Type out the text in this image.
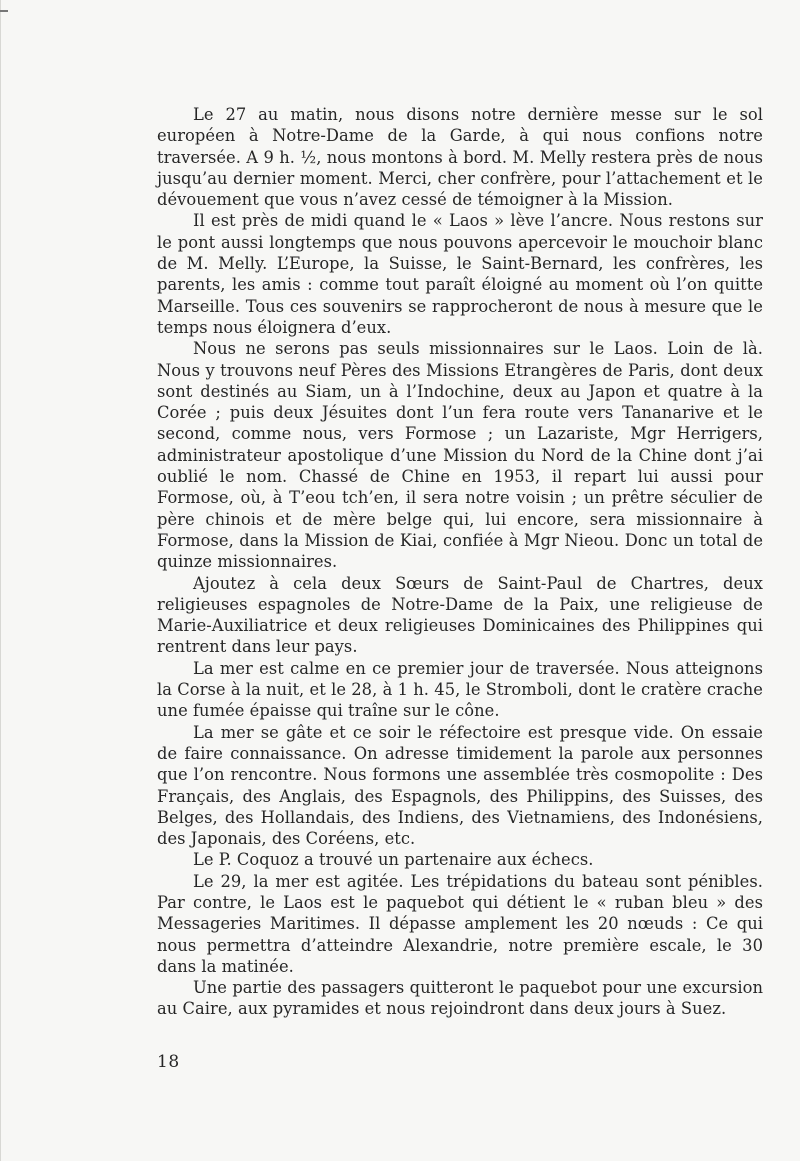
Le 27 au matin, nous disons notre dernière messe sur le sol européen à Notre-Dame de la Garde, à qui nous confions notre traversée. A 9 h. ½, nous montons à bord. M. Melly restera près de nous jusqu’au dernier moment. Merci, cher confrère, pour l’attachement et le dévouement que vous n’avez cessé de témoigner à la Mission.

Il est près de midi quand le « Laos » lève l’ancre. Nous restons sur le pont aussi longtemps que nous pouvons apercevoir le mouchoir blanc de M. Melly. L’Europe, la Suisse, le Saint-Bernard, les confrères, les parents, les amis : comme tout paraît éloigné au moment où l’on quitte Marseille. Tous ces souvenirs se rapprocheront de nous à mesure que le temps nous éloignera d’eux.

Nous ne serons pas seuls missionnaires sur le Laos. Loin de là. Nous y trouvons neuf Pères des Missions Etrangères de Paris, dont deux sont destinés au Siam, un à l’Indochine, deux au Japon et quatre à la Corée ; puis deux Jésuites dont l’un fera route vers Tananarive et le second, comme nous, vers Formose ; un Lazariste, Mgr Herrigers, administrateur apostolique d’une Mission du Nord de la Chine dont j’ai oublié le nom. Chassé de Chine en 1953, il repart lui aussi pour Formose, où, à T’eou tch’en, il sera notre voisin ; un prêtre séculier de père chinois et de mère belge qui, lui encore, sera missionnaire à Formose, dans la Mission de Kiai, confiée à Mgr Nieou. Donc un total de quinze missionnaires.

Ajoutez à cela deux Sœurs de Saint-Paul de Chartres, deux religieuses espagnoles de Notre-Dame de la Paix, une religieuse de Marie-Auxiliatrice et deux religieuses Dominicaines des Philippines qui rentrent dans leur pays.

La mer est calme en ce premier jour de traversée. Nous atteignons la Corse à la nuit, et le 28, à 1 h. 45, le Stromboli, dont le cratère crache une fumée épaisse qui traîne sur le cône.

La mer se gâte et ce soir le réfectoire est presque vide. On essaie de faire connaissance. On adresse timidement la parole aux personnes que l’on rencontre. Nous formons une assemblée très cosmopolite : Des Français, des Anglais, des Espagnols, des Philippins, des Suisses, des Belges, des Hollandais, des Indiens, des Vietnamiens, des Indonésiens, des Japonais, des Coréens, etc.

Le P. Coquoz a trouvé un partenaire aux échecs.

Le 29, la mer est agitée. Les trépidations du bateau sont pénibles. Par contre, le Laos est le paquebot qui détient le « ruban bleu » des Messageries Maritimes. Il dépasse amplement les 20 nœuds : Ce qui nous permettra d’atteindre Alexandrie, notre première escale, le 30 dans la matinée.

Une partie des passagers quitteront le paquebot pour une excursion au Caire, aux pyramides et nous rejoindront dans deux jours à Suez.

18
